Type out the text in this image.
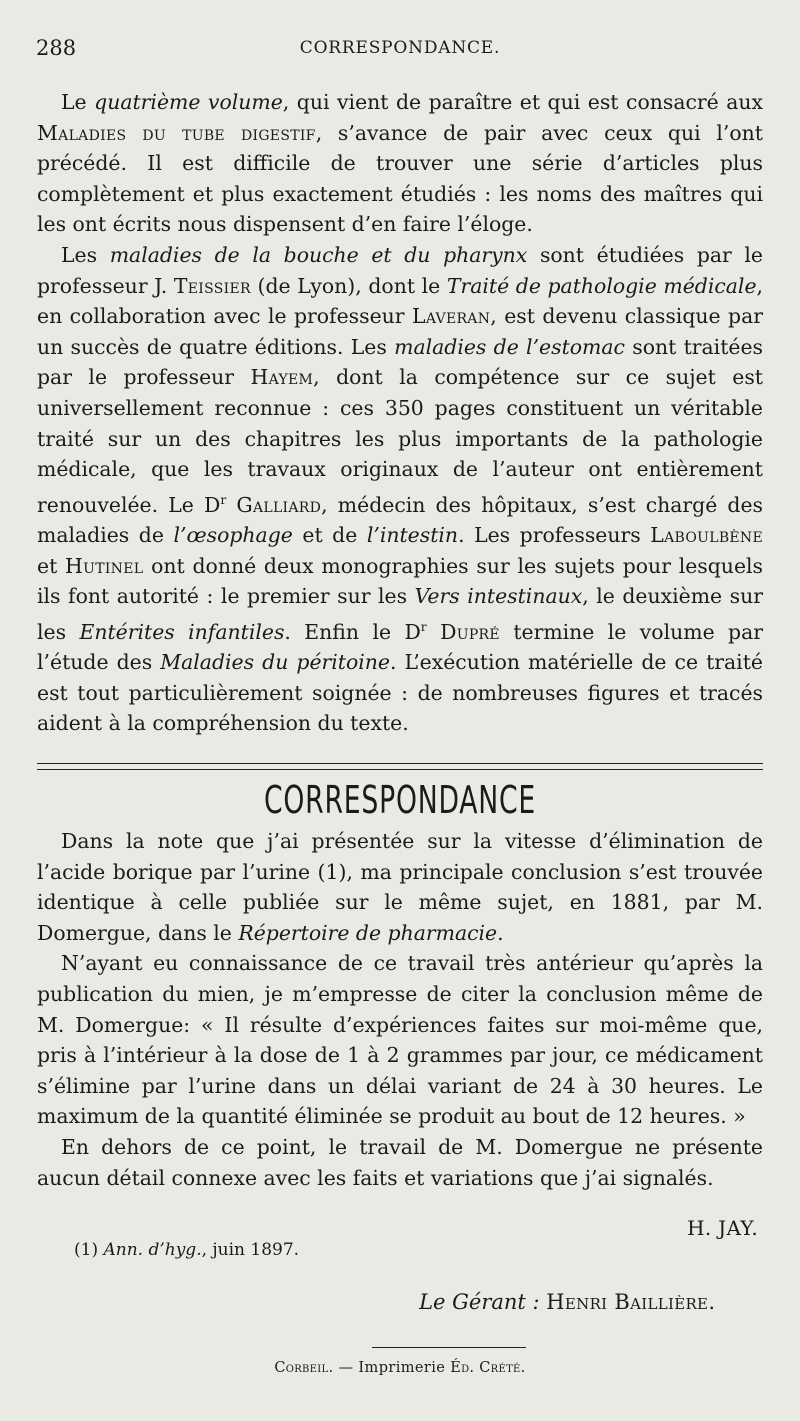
288	CORRESPONDANCE.

Le quatrième volume, qui vient de paraître et qui est consacré aux Maladies du tube digestif, s’avance de pair avec ceux qui l’ont précédé. Il est difficile de trouver une série d’articles plus complètement et plus exactement étudiés : les noms des maîtres qui les ont écrits nous dispensent d’en faire l’éloge.

Les maladies de la bouche et du pharynx sont étudiées par le professeur J. Teissier (de Lyon), dont le Traité de pathologie médicale, en collaboration avec le professeur Laveran, est devenu classique par un succès de quatre éditions. Les maladies de l’estomac sont traitées par le professeur Hayem, dont la compétence sur ce sujet est universellement reconnue : ces 350 pages constituent un véritable traité sur un des chapitres les plus importants de la pathologie médicale, que les travaux originaux de l’auteur ont entièrement renouvelée. Le $D^r$ Galliard, médecin des hôpitaux, s’est chargé des maladies de l’œsophage et de l’intestin. Les professeurs Laboulbène et Hutinel ont donné deux monographies sur les sujets pour lesquels ils font autorité : le premier sur les Vers intestinaux, le deuxième sur les Entérites infantiles. Enfin le $D^r$ Dupré termine le volume par l’étude des Maladies du péritoine. L’exécution matérielle de ce traité est tout particulièrement soignée : de nombreuses figures et tracés aident à la compréhension du texte.

CORRESPONDANCE

Dans la note que j’ai présentée sur la vitesse d’élimination de l’acide borique par l’urine (1), ma principale conclusion s’est trouvée identique à celle publiée sur le même sujet, en 1881, par M. Domergue, dans le Répertoire de pharmacie.

N’ayant eu connaissance de ce travail très antérieur qu’après la publication du mien, je m’empresse de citer la conclusion même de M. Domergue: « Il résulte d’expériences faites sur moi-même que, pris à l’intérieur à la dose de 1 à 2 grammes par jour, ce médicament s’élimine par l’urine dans un délai variant de 24 à 30 heures. Le maximum de la quantité éliminée se produit au bout de 12 heures. »

En dehors de ce point, le travail de M. Domergue ne présente aucun détail connexe avec les faits et variations que j’ai signalés.

H. JAY.
(1) Ann. d’hyg., juin 1897.
Le Gérant : Henri Baillière.
Corbeil. — Imprimerie Éd. Crété.
